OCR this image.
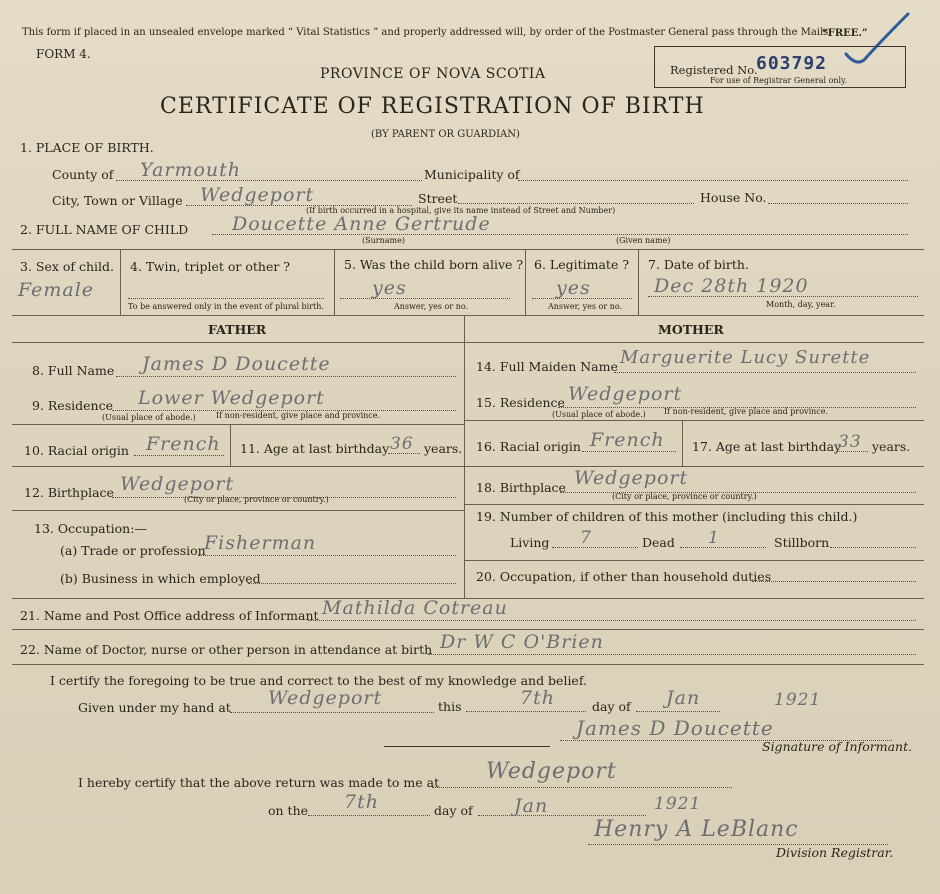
This form if placed in an unsealed envelope marked “ Vital Statistics ” and properly addressed will, by order of the Postmaster General pass through the Mails
“FREE.”
FORM 4.
PROVINCE OF NOVA SCOTIA
CERTIFICATE OF REGISTRATION OF BIRTH
(BY PARENT OR GUARDIAN)
Registered No.
603792
For use of Registrar General only.
1. PLACE OF BIRTH.
County of Yarmouth	Municipality of
City, Town or Village Wedgeport	Street	House No.
(If birth occurred in a hospital, give its name instead of Street and Number)
2. FULL NAME OF CHILD Doucette Anne Gertrude
(Surname)	(Given name)
3. Sex of child.
Female
4. Twin, triplet or other ?
To be answered only in the event of plural birth.
5. Was the child born alive ?
yes
Answer, yes or no.
6. Legitimate ?
yes
Answer, yes or no.
7. Date of birth.
Dec 28th 1920
Month, day, year.
FATHER	MOTHER
8. Full Name James D Doucette
9. Residence Lower Wedgeport
(Usual place of abode.)	If non-resident, give place and province.
10. Racial origin French 11. Age at last birthday 36 years.
12. Birthplace Wedgeport
(City or place, province or country.)
13. Occupation:—
(a) Trade or profession
Fisherman
(b) Business in which employed
14. Full Maiden Name Marguerite Lucy Surette
15. Residence Wedgeport
(Usual place of abode.) If non-resident, give place and province.
16. Racial origin French 17. Age at last birthday
33 years.
18. Birthplace Wedgeport
(City or place, province or country.)
19. Number of children of this mother (including this child.)
Living 7	Dead 1	Stillborn
20. Occupation, if other than household duties
21. Name and Post Office address of Informant Mathilda Cotreau
22. Name of Doctor, nurse or other person in attendance at birth Dr W C O'Brien
I certify the foregoing to be true and correct to the best of my knowledge and belief.
Given under my hand at Wedgeport	this	7th	day of Jan	1921
James D Doucette
Signature of Informant.
I hereby certify that the above return was made to me at Wedgeport
on the 7th	day of Jan	1921
Henry A LeBlanc
Division Registrar.
